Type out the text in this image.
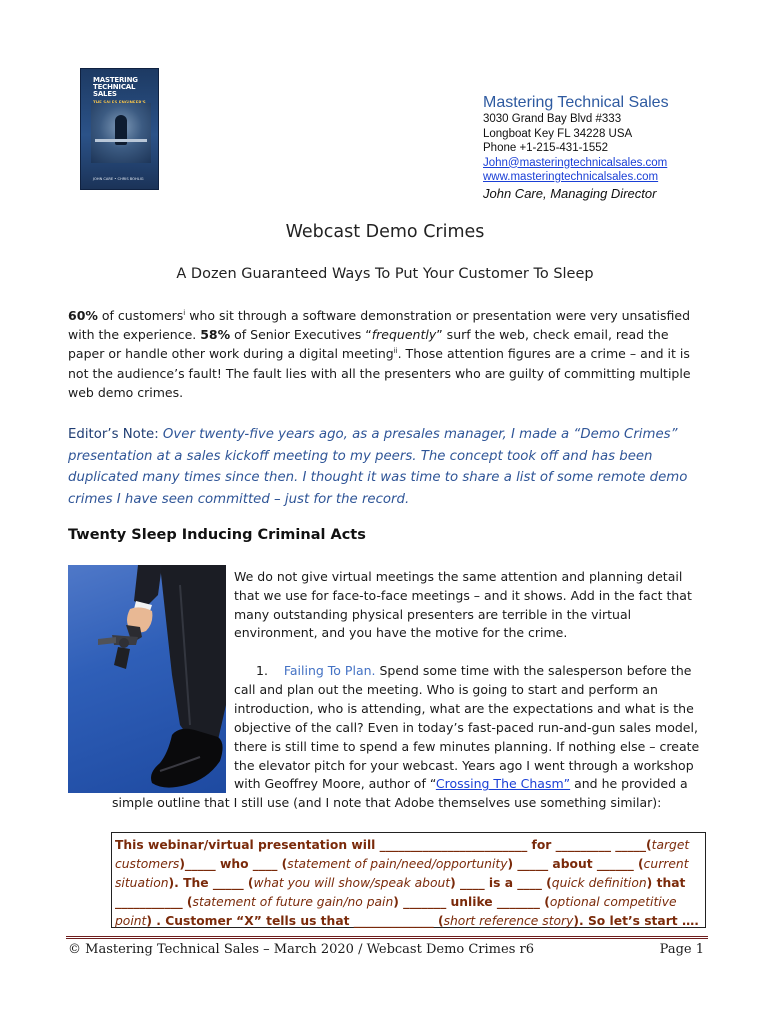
MASTERING
TECHNICAL SALES
JOHN CARE • CHRIS BOHLIG
Mastering Technical Sales
3030 Grand Bay Blvd #333
Longboat Key FL 34228 USA
Phone +1-215-431-1552
John@masteringtechnicalsales.com
www.masteringtechnicalsales.com
John Care, Managing Director
Webcast Demo Crimes
A Dozen Guaranteed Ways To Put Your Customer To Sleep
60% of customers$^i$ who sit through a software demonstration or presentation were very unsatisfied with the experience. 58% of Senior Executives “frequently” surf the web, check email, read the paper or handle other work during a digital meeting$^{ii}$. Those attention figures are a crime – and it is not the audience’s fault! The fault lies with all the presenters who are guilty of committing multiple web demo crimes.
Editor’s Note: Over twenty-five years ago, as a presales manager, I made a “Demo Crimes” presentation at a sales kickoff meeting to my peers. The concept took off and has been duplicated many times since then. I thought it was time to share a list of some remote demo crimes I have seen committed – just for the record.
Twenty Sleep Inducing Criminal Acts
We do not give virtual meetings the same attention and planning detail that we use for face-to-face meetings – and it shows. Add in the fact that many outstanding physical presenters are terrible in the virtual environment, and you have the motive for the crime.
1. Failing To Plan. Spend some time with the salesperson before the call and plan out the meeting. Who is going to start and perform an introduction, who is attending, what are the expectations and what is the objective of the call? Even in today’s fast-paced run-and-gun sales model, there is still time to spend a few minutes planning. If nothing else – create the elevator pitch for your webcast. Years ago I went through a workshop with Geoffrey Moore, author of “Crossing The Chasm” and he provided a
simple outline that I still use (and I note that Adobe themselves use something similar):
This webinar/virtual presentation will ________________________ for _________ _____(target customers)_____ who ____ (statement of pain/need/opportunity) _____ about ______ (current situation). The _____ (what you will show/speak about) ____ is a ____ (quick definition) that ___________ (statement of future gain/no pain) _______ unlike _______ (optional competitive point) . Customer “X” tells us that _____________ (short reference story). So let’s start ….
© Mastering Technical Sales – March 2020 / Webcast Demo Crimes r6	Page 1
